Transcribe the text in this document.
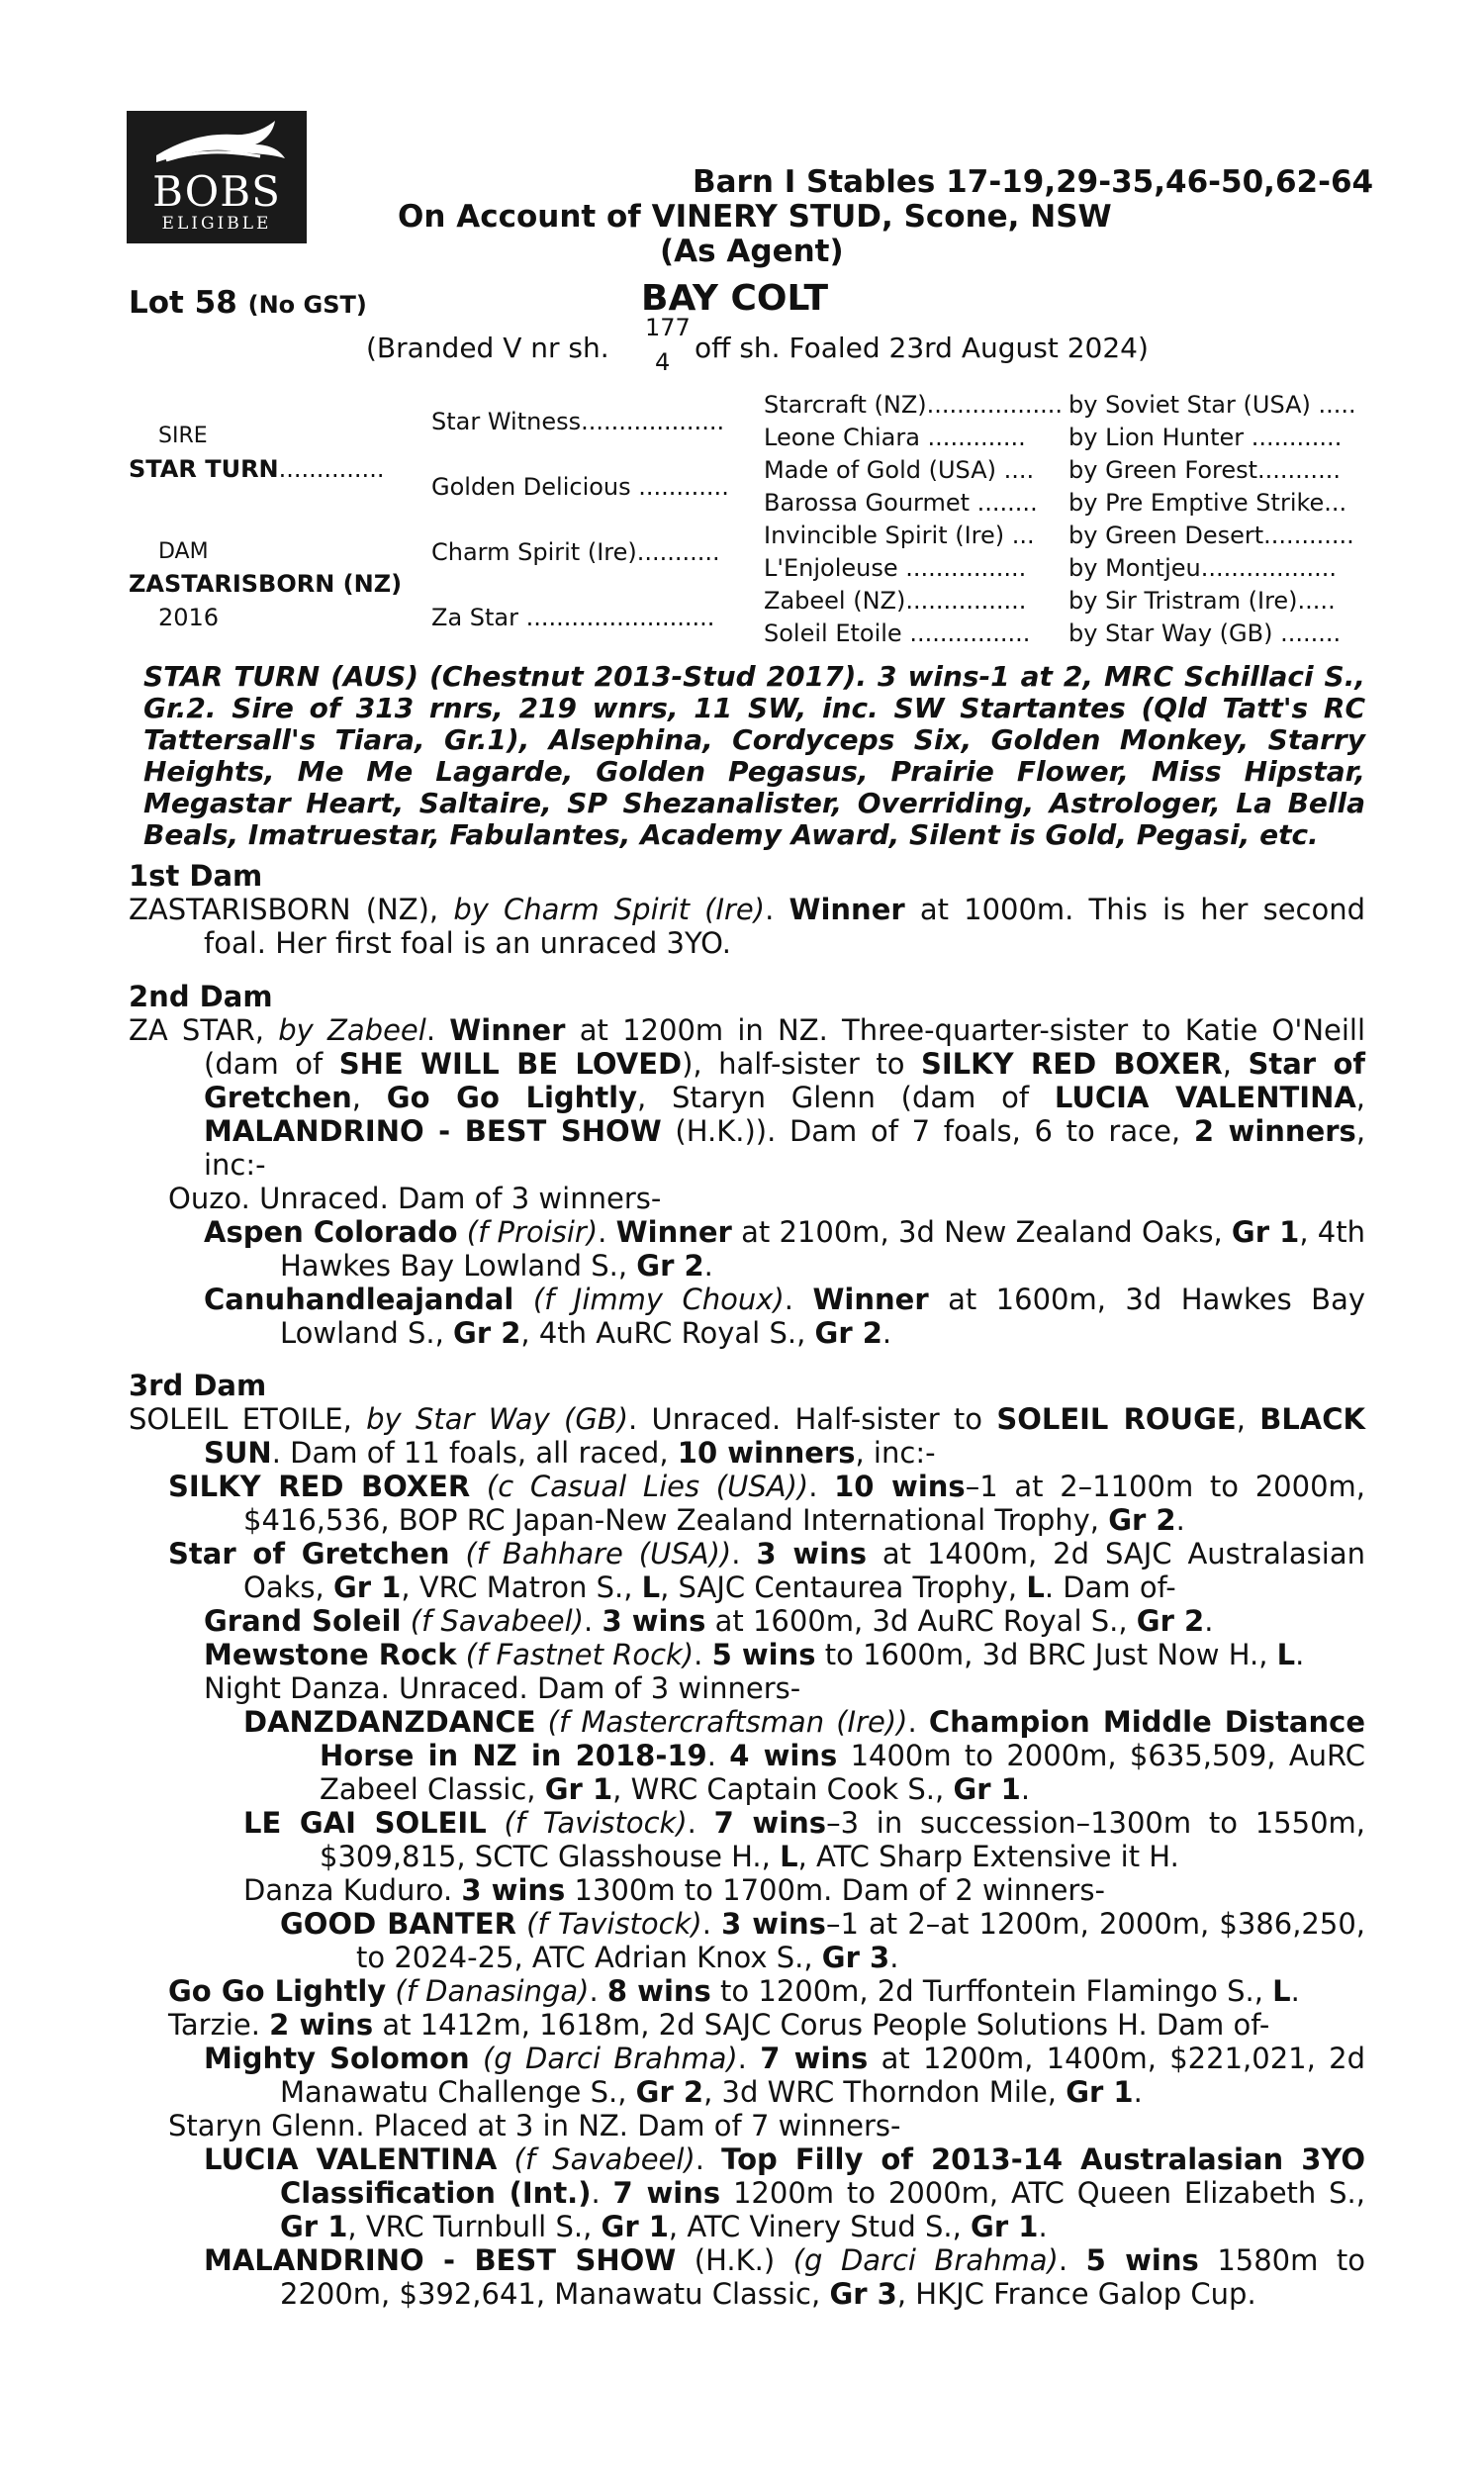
BOBS
ELIGIBLE
Barn I Stables 17-19,29-35,46-50,62-64
On Account of VINERY STUD, Scone, NSW
(As Agent)
Lot 58 (No GST)	BAY COLT
(Branded V nr sh.
177
4 off sh. Foaled 23rd August 2024)
SIRE
STAR TURN..............
DAM
ZASTARISBORN (NZ)
2016
Star Witness...................
Golden Delicious ............
Charm Spirit (Ire)...........
Za Star .........................
Starcraft (NZ)..................
Leone Chiara .............
Made of Gold (USA) ....
Barossa Gourmet ........
Invincible Spirit (Ire) ...
L'Enjoleuse ................
Zabeel (NZ)................
Soleil Etoile ................
by Soviet Star (USA) .....
by Lion Hunter ............
by Green Forest...........
by Pre Emptive Strike...
by Green Desert............
by Montjeu..................
by Sir Tristram (Ire).....
by Star Way (GB) ........
STAR TURN (AUS) (Chestnut 2013-Stud 2017). 3 wins-1 at 2, MRC Schillaci S., Gr.2. Sire of 313 rnrs, 219 wnrs, 11 SW, inc. SW Startantes (Qld Tatt's RC Tattersall's Tiara, Gr.1), Alsephina, Cordyceps Six, Golden Monkey, Starry Heights, Me Me Lagarde, Golden Pegasus, Prairie Flower, Miss Hipstar, Megastar Heart, Saltaire, SP Shezanalister, Overriding, Astrologer, La Bella Beals, Imatruestar, Fabulantes, Academy Award, Silent is Gold, Pegasi, etc.
1st Dam

ZASTARISBORN (NZ), by Charm Spirit (Ire). Winner at 1000m. This is her second foal. Her first foal is an unraced 3YO.

2nd Dam

ZA STAR, by Zabeel. Winner at 1200m in NZ. Three-quarter-sister to Katie O'Neill (dam of SHE WILL BE LOVED), half-sister to SILKY RED BOXER, Star of Gretchen, Go Go Lightly, Staryn Glenn (dam of LUCIA VALENTINA, MALANDRINO - BEST SHOW (H.K.)). Dam of 7 foals, 6 to race, 2 winners, inc:-

Ouzo. Unraced. Dam of 3 winners-

Aspen Colorado (f Proisir). Winner at 2100m, 3d New Zealand Oaks, Gr 1, 4th Hawkes Bay Lowland S., Gr 2.

Canuhandleajandal (f Jimmy Choux). Winner at 1600m, 3d Hawkes Bay Lowland S., Gr 2, 4th AuRC Royal S., Gr 2.

3rd Dam

SOLEIL ETOILE, by Star Way (GB). Unraced. Half-sister to SOLEIL ROUGE, BLACK SUN. Dam of 11 foals, all raced, 10 winners, inc:-

SILKY RED BOXER (c Casual Lies (USA)). 10 wins–1 at 2–1100m to 2000m, $416,536, BOP RC Japan-New Zealand International Trophy, Gr 2.

Star of Gretchen (f Bahhare (USA)). 3 wins at 1400m, 2d SAJC Australasian Oaks, Gr 1, VRC Matron S., L, SAJC Centaurea Trophy, L. Dam of-

Grand Soleil (f Savabeel). 3 wins at 1600m, 3d AuRC Royal S., Gr 2.

Mewstone Rock (f Fastnet Rock). 5 wins to 1600m, 3d BRC Just Now H., L.

Night Danza. Unraced. Dam of 3 winners-

DANZDANZDANCE (f Mastercraftsman (Ire)). Champion Middle Distance Horse in NZ in 2018-19. 4 wins 1400m to 2000m, $635,509, AuRC Zabeel Classic, Gr 1, WRC Captain Cook S., Gr 1.

LE GAI SOLEIL (f Tavistock). 7 wins–3 in succession–1300m to 1550m, $309,815, SCTC Glasshouse H., L, ATC Sharp Extensive it H.

Danza Kuduro. 3 wins 1300m to 1700m. Dam of 2 winners-

GOOD BANTER (f Tavistock). 3 wins–1 at 2–at 1200m, 2000m, $386,250, to 2024-25, ATC Adrian Knox S., Gr 3.

Go Go Lightly (f Danasinga). 8 wins to 1200m, 2d Turffontein Flamingo S., L.

Tarzie. 2 wins at 1412m, 1618m, 2d SAJC Corus People Solutions H. Dam of-

Mighty Solomon (g Darci Brahma). 7 wins at 1200m, 1400m, $221,021, 2d Manawatu Challenge S., Gr 2, 3d WRC Thorndon Mile, Gr 1.

Staryn Glenn. Placed at 3 in NZ. Dam of 7 winners-

LUCIA VALENTINA (f Savabeel). Top Filly of 2013-14 Australasian 3YO Classification (Int.). 7 wins 1200m to 2000m, ATC Queen Elizabeth S., Gr 1, VRC Turnbull S., Gr 1, ATC Vinery Stud S., Gr 1.

MALANDRINO - BEST SHOW (H.K.) (g Darci Brahma). 5 wins 1580m to 2200m, $392,641, Manawatu Classic, Gr 3, HKJC France Galop Cup.
